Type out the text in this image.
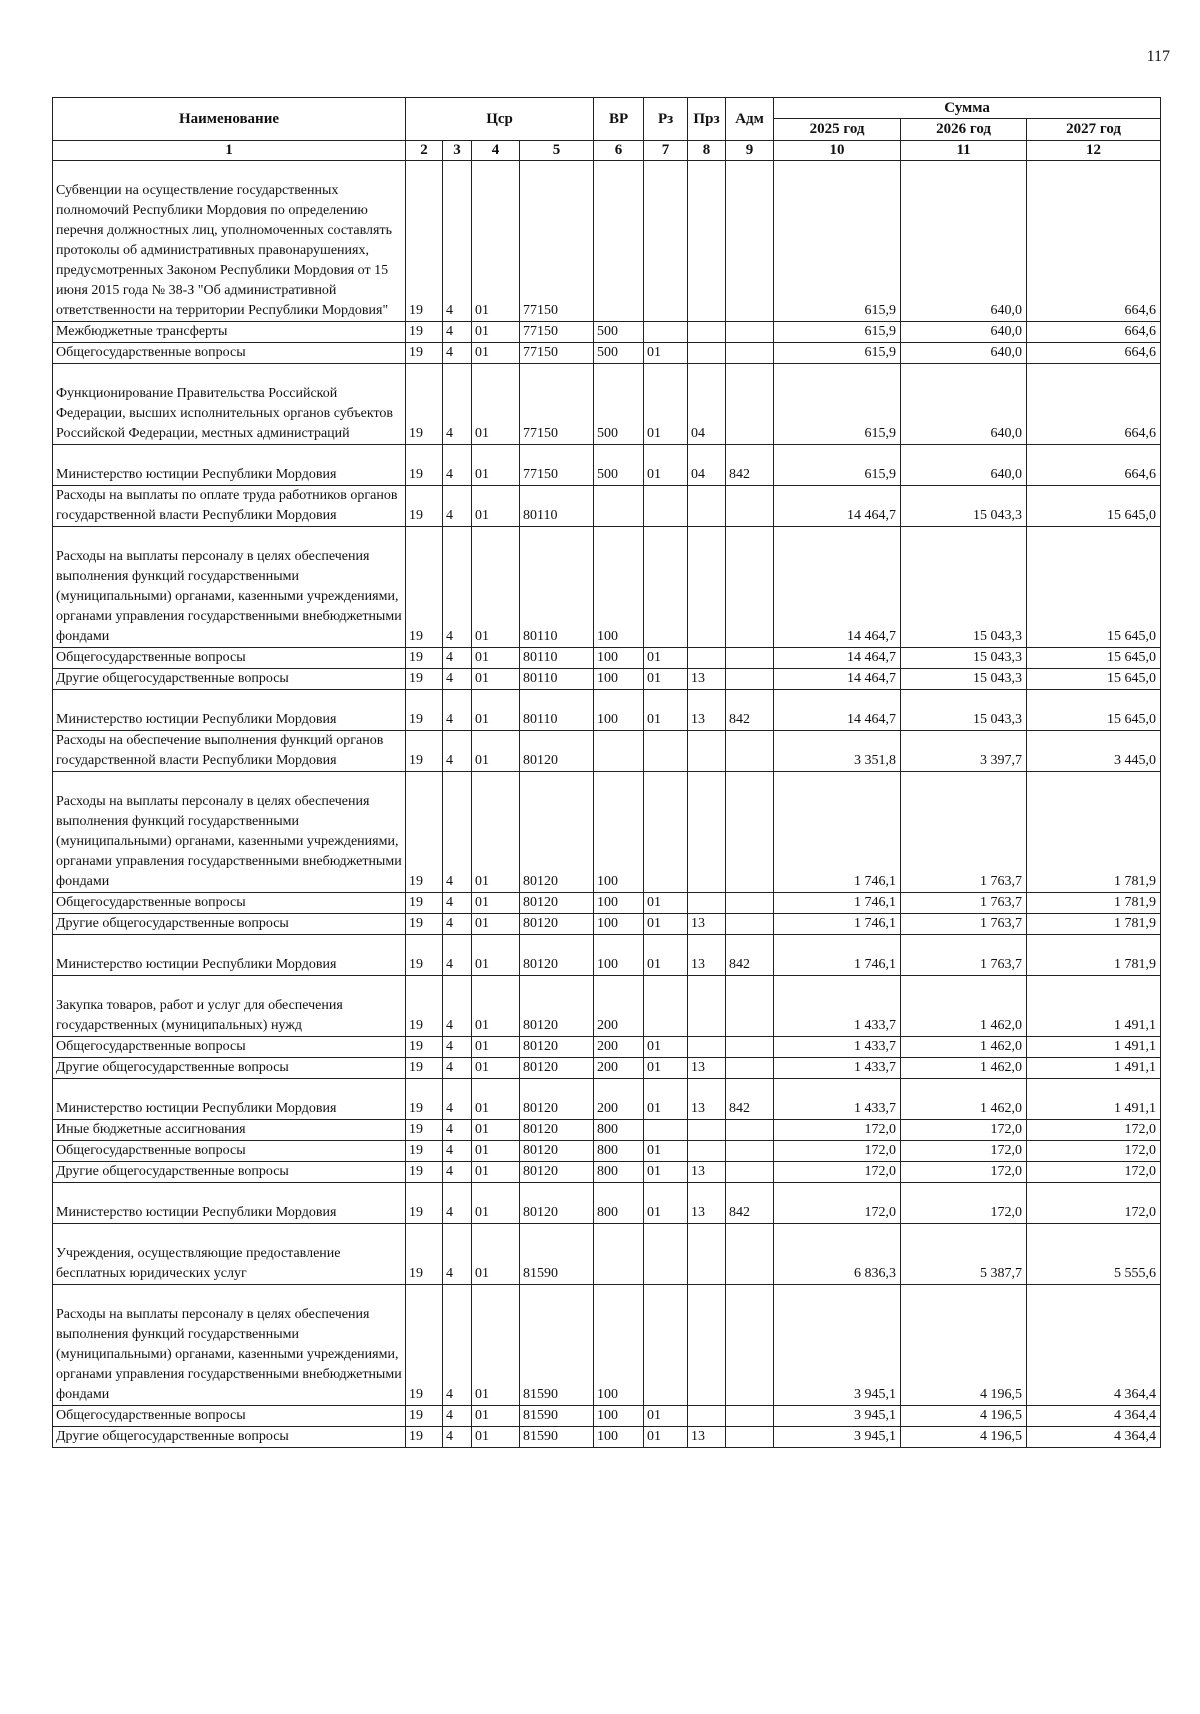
117
Наименование	Цср				ВР	Рз	Прз	Адм	Сумма		
									2025 год	2026 год	2027 год
1	2	3	4	5	6	7	8	9	10	11	12
Субвенции на осуществление государственных полномочий Республики Мордовия по определению перечня должностных лиц, уполномоченных составлять протоколы об административных правонарушениях, предусмотренных Законом Республики Мордовия от 15 июня 2015 года № 38-З "Об административной ответственности на территории Республики Мордовия"	19	4	01	77150					615,9	640,0	664,6
Межбюджетные трансферты	19	4	01	77150	500				615,9	640,0	664,6
Общегосударственные вопросы	19	4	01	77150	500	01			615,9	640,0	664,6
Функционирование Правительства Российской Федерации, высших исполнительных органов субъектов Российской Федерации, местных администраций	19	4	01	77150	500	01	04		615,9	640,0	664,6
Министерство юстиции Республики Мордовия	19	4	01	77150	500	01	04	842	615,9	640,0	664,6
Расходы на выплаты по оплате труда работников органов государственной власти Республики Мордовия	19	4	01	80110					14 464,7	15 043,3	15 645,0
Расходы на выплаты персоналу в целях обеспечения выполнения функций государственными (муниципальными) органами, казенными учреждениями, органами управления государственными внебюджетными фондами	19	4	01	80110	100				14 464,7	15 043,3	15 645,0
Общегосударственные вопросы	19	4	01	80110	100	01			14 464,7	15 043,3	15 645,0
Другие общегосударственные вопросы	19	4	01	80110	100	01	13		14 464,7	15 043,3	15 645,0
Министерство юстиции Республики Мордовия	19	4	01	80110	100	01	13	842	14 464,7	15 043,3	15 645,0
Расходы на обеспечение выполнения функций органов государственной власти Республики Мордовия	19	4	01	80120					3 351,8	3 397,7	3 445,0
Расходы на выплаты персоналу в целях обеспечения выполнения функций государственными (муниципальными) органами, казенными учреждениями, органами управления государственными внебюджетными фондами	19	4	01	80120	100				1 746,1	1 763,7	1 781,9
Общегосударственные вопросы	19	4	01	80120	100	01			1 746,1	1 763,7	1 781,9
Другие общегосударственные вопросы	19	4	01	80120	100	01	13		1 746,1	1 763,7	1 781,9
Министерство юстиции Республики Мордовия	19	4	01	80120	100	01	13	842	1 746,1	1 763,7	1 781,9
Закупка товаров, работ и услуг для обеспечения государственных (муниципальных) нужд	19	4	01	80120	200				1 433,7	1 462,0	1 491,1
Общегосударственные вопросы	19	4	01	80120	200	01			1 433,7	1 462,0	1 491,1
Другие общегосударственные вопросы	19	4	01	80120	200	01	13		1 433,7	1 462,0	1 491,1
Министерство юстиции Республики Мордовия	19	4	01	80120	200	01	13	842	1 433,7	1 462,0	1 491,1
Иные бюджетные ассигнования	19	4	01	80120	800				172,0	172,0	172,0
Общегосударственные вопросы	19	4	01	80120	800	01			172,0	172,0	172,0
Другие общегосударственные вопросы	19	4	01	80120	800	01	13		172,0	172,0	172,0
Министерство юстиции Республики Мордовия	19	4	01	80120	800	01	13	842	172,0	172,0	172,0
Учреждения, осуществляющие предоставление бесплатных юридических услуг	19	4	01	81590					6 836,3	5 387,7	5 555,6
Расходы на выплаты персоналу в целях обеспечения выполнения функций государственными (муниципальными) органами, казенными учреждениями, органами управления государственными внебюджетными фондами	19	4	01	81590	100				3 945,1	4 196,5	4 364,4
Общегосударственные вопросы	19	4	01	81590	100	01			3 945,1	4 196,5	4 364,4
Другие общегосударственные вопросы	19	4	01	81590	100	01	13		3 945,1	4 196,5	4 364,4
